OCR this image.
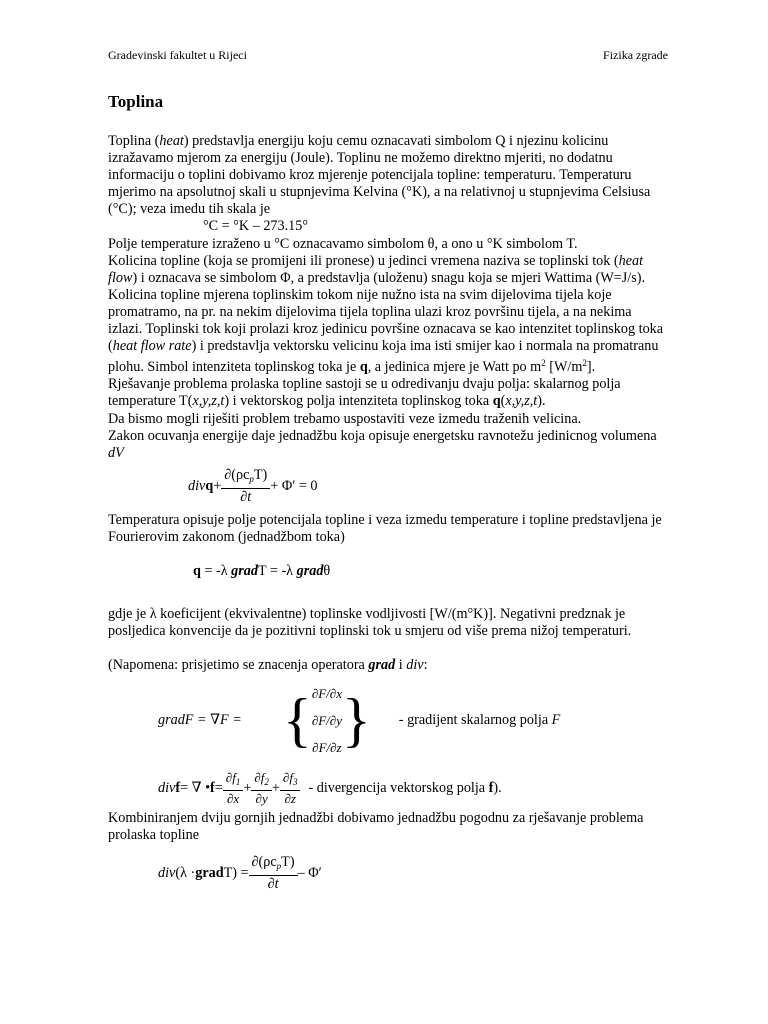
Gradevinski fakultet u Rijeci	Fizika zgrade
Toplina

Toplina (heat) predstavlja energiju koju cemu oznacavati simbolom Q i njezinu kolicinu izražavamo mjerom za energiju (Joule). Toplinu ne možemo direktno mjeriti, no dodatnu informaciju o toplini dobivamo kroz mjerenje potencijala topline: temperaturu. Temperaturu mjerimo na apsolutnoj skali u stupnjevima Kelvina (°K), a na relativnoj u stupnjevima Celsiusa (°C); veza imedu tih skala je

°C = °K – 273.15°

Polje temperature izraženo u °C oznacavamo simbolom θ, a ono u °K simbolom T.

Kolicina topline (koja se promijeni ili pronese) u jedinci vremena naziva se toplinski tok (heat flow) i oznacava se simbolom Φ, a predstavlja (uloženu) snagu koja se mjeri Wattima (W=J/s).

Kolicina topline mjerena toplinskim tokom nije nužno ista na svim dijelovima tijela koje promatramo, na pr. na nekim dijelovima tijela toplina ulazi kroz površinu tijela, a na nekima izlazi. Toplinski tok koji prolazi kroz jedinicu površine oznacava se kao intenzitet toplinskog toka (heat flow rate) i predstavlja vektorsku velicinu koja ima isti smijer kao i normala na promatranu plohu. Simbol intenziteta toplinskog toka je q, a jedinica mjere je Watt po $m^2$ $[W/m^2]$.

Rješavanje problema prolaska topline sastoji se u odredivanju dvaju polja: skalarnog polja temperature T(x,y,z,t) i vektorskog polja intenziteta toplinskog toka q(x,y,z,t).

Da bismo mogli riješiti problem trebamo uspostaviti veze izmedu traženih velicina.

Zakon ocuvanja energije daje jednadžbu koja opisuje energetsku ravnotežu jedinicnog volumena dV

div $q + \frac{\partial(\rho c_pT)}{\partial t} + \Phi' = 0$

Temperatura opisuje polje potencijala topline i veza izmedu temperature i topline predstavljena je Fourierovim zakonom (jednadžbom toka)

q = -λ gradT = -λ gradθ

gdje je λ koeficijent (ekvivalentne) toplinske vodljivosti [W/(m°K)]. Negativni predznak je posljedica konvencije da je pozitivni toplinski tok u smjeru od više prema nižoj temperaturi.

(Napomena: prisjetimo se znacenja operatora grad i div:

gradF = ∇F = { ∂F/∂x
∂F/∂y
∂F/∂z }	- gradijent skalarnog polja F
div f = ∇ • $f = \frac{\partial f_1}{\partial x} + \frac{\partial f_2}{\partial y} + \frac{\partial f_3}{\partial z}$ - divergencija vektorskog polja f).

Kombiniranjem dviju gornjih jednadžbi dobivamo jednadžbu pogodnu za rješavanje problema prolaska topline

div (λ · grad $T) = \frac{\partial(\rho c_pT)}{\partial t} - \Phi'$
